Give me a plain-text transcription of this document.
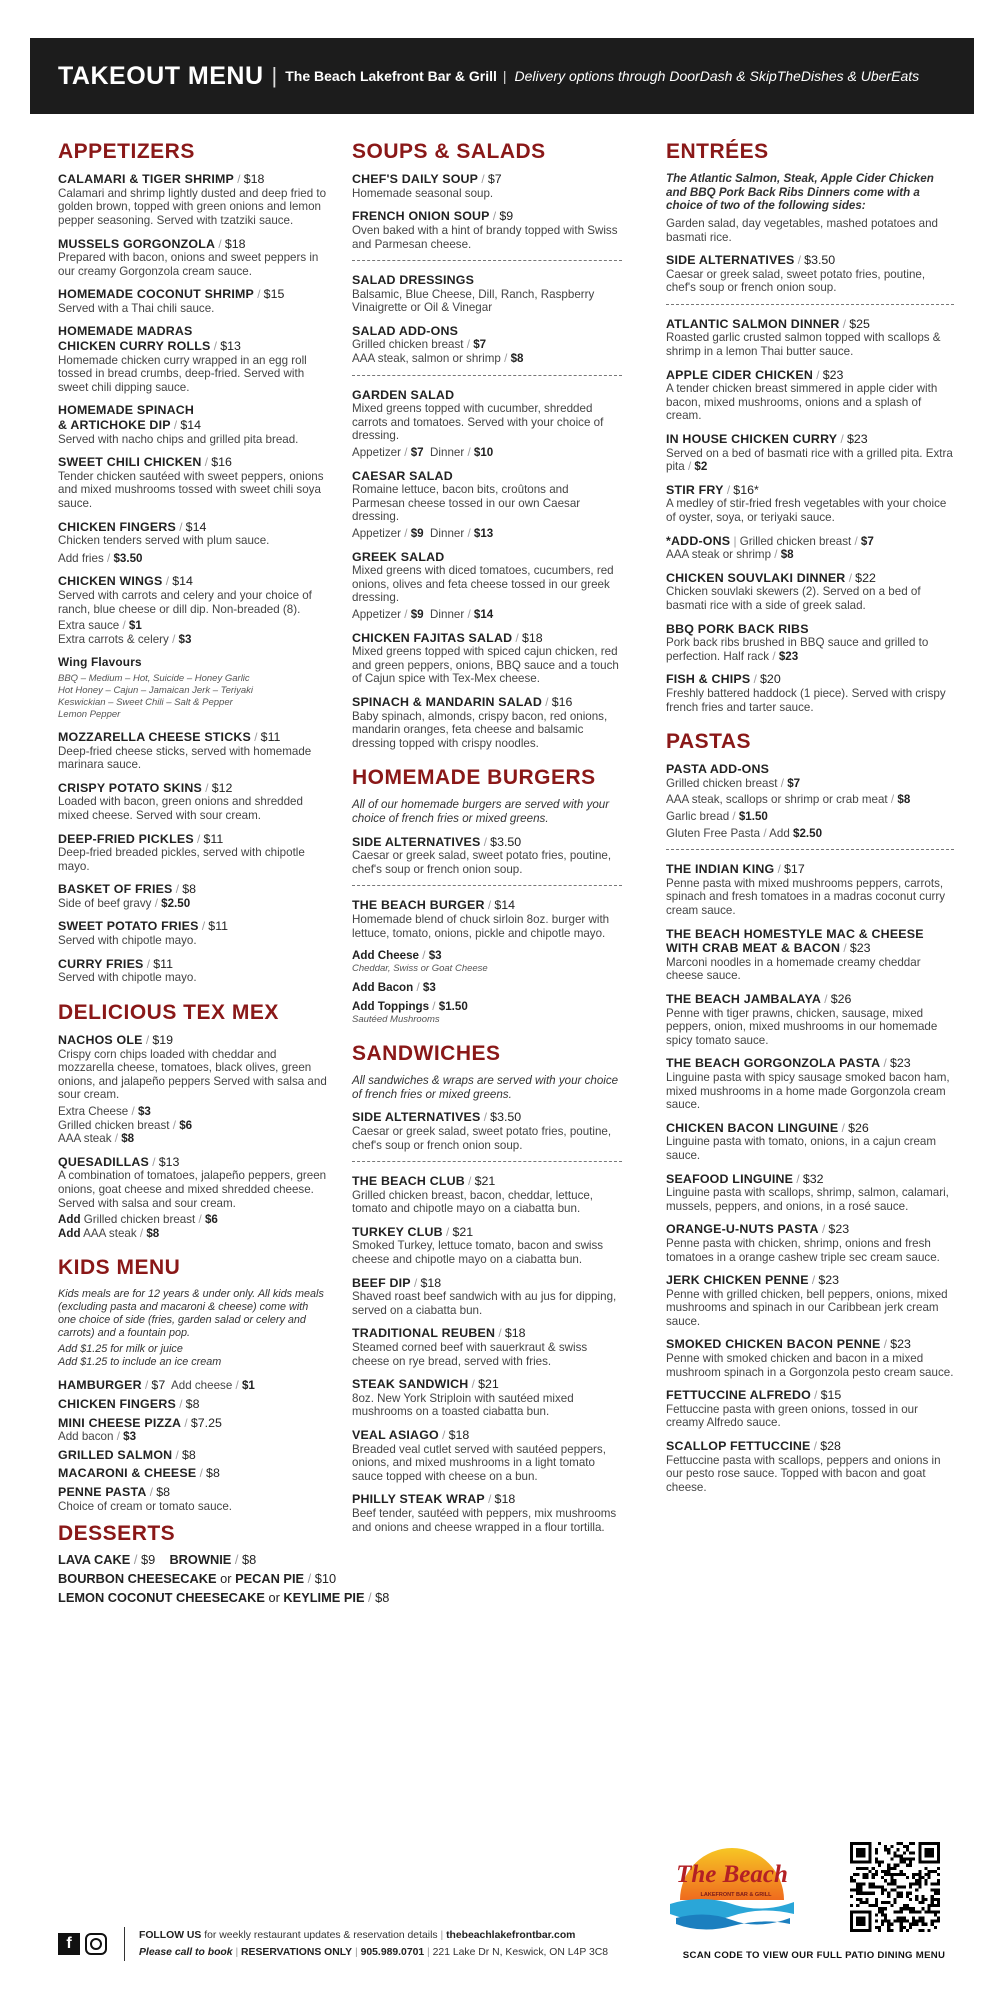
TAKEOUT MENU | The Beach Lakefront Bar & Grill | Delivery options through DoorDash & SkipTheDishes & UberEats
APPETIZERS
CALAMARI & TIGER SHRIMP / $18
Calamari and shrimp lightly dusted and deep fried to golden brown, topped with green onions and lemon pepper seasoning. Served with tzatziki sauce.
MUSSELS GORGONZOLA / $18
Prepared with bacon, onions and sweet peppers in our creamy Gorgonzola cream sauce.
HOMEMADE COCONUT SHRIMP / $15
Served with a Thai chili sauce.
HOMEMADE MADRAS
CHICKEN CURRY ROLLS / $13
Homemade chicken curry wrapped in an egg roll tossed in bread crumbs, deep-fried. Served with sweet chili dipping sauce.
HOMEMADE SPINACH
& ARTICHOKE DIP / $14
Served with nacho chips and grilled pita bread.
SWEET CHILI CHICKEN / $16
Tender chicken sautéed with sweet peppers, onions and mixed mushrooms tossed with sweet chili soya sauce.
CHICKEN FINGERS / $14
Chicken tenders served with plum sauce.
Add fries / $3.50
CHICKEN WINGS / $14
Served with carrots and celery and your choice of ranch, blue cheese or dill dip. Non-breaded (8).
Extra sauce / $1
Extra carrots & celery / $3
Wing Flavours
BBQ – Medium – Hot, Suicide – Honey Garlic
Hot Honey – Cajun – Jamaican Jerk – Teriyaki
Keswickian – Sweet Chili – Salt & Pepper
Lemon Pepper
MOZZARELLA CHEESE STICKS / $11
Deep-fried cheese sticks, served with homemade marinara sauce.
CRISPY POTATO SKINS / $12
Loaded with bacon, green onions and shredded mixed cheese. Served with sour cream.
DEEP-FRIED PICKLES / $11
Deep-fried breaded pickles, served with chipotle mayo.
BASKET OF FRIES / $8
Side of beef gravy / $2.50
SWEET POTATO FRIES / $11
Served with chipotle mayo.
CURRY FRIES / $11
Served with chipotle mayo.
DELICIOUS TEX MEX
NACHOS OLE / $19
Crispy corn chips loaded with cheddar and mozzarella cheese, tomatoes, black olives, green onions, and jalapeño peppers Served with salsa and sour cream.
Extra Cheese / $3
Grilled chicken breast / $6
AAA steak / $8
QUESADILLAS / $13
A combination of tomatoes, jalapeño peppers, green onions, goat cheese and mixed shredded cheese. Served with salsa and sour cream.
Add Grilled chicken breast / $6
Add AAA steak / $8
KIDS MENU
Kids meals are for 12 years & under only. All kids meals (excluding pasta and macaroni & cheese) come with one choice of side (fries, garden salad or celery and carrots) and a fountain pop.
Add $1.25 for milk or juice
Add $1.25 to include an ice cream
HAMBURGER / $7 Add cheese / $1
CHICKEN FINGERS / $8
MINI CHEESE PIZZA / $7.25
Add bacon / $3
GRILLED SALMON / $8
MACARONI & CHEESE / $8
PENNE PASTA / $8
Choice of cream or tomato sauce.
DESSERTS
LAVA CAKE / $9 BROWNIE / $8
BOURBON CHEESECAKE or PECAN PIE / $10
LEMON COCONUT CHEESECAKE or KEYLIME PIE / $8
SOUPS & SALADS
CHEF'S DAILY SOUP / $7
Homemade seasonal soup.
FRENCH ONION SOUP / $9
Oven baked with a hint of brandy topped with Swiss and Parmesan cheese.
SALAD DRESSINGS
Balsamic, Blue Cheese, Dill, Ranch, Raspberry Vinaigrette or Oil & Vinegar
SALAD ADD-ONS
Grilled chicken breast / $7
AAA steak, salmon or shrimp / $8
GARDEN SALAD
Mixed greens topped with cucumber, shredded carrots and tomatoes. Served with your choice of dressing.
Appetizer / $7 Dinner / $10
CAESAR SALAD
Romaine lettuce, bacon bits, croûtons and Parmesan cheese tossed in our own Caesar dressing.
Appetizer / $9 Dinner / $13
GREEK SALAD
Mixed greens with diced tomatoes, cucumbers, red onions, olives and feta cheese tossed in our greek dressing.
Appetizer / $9 Dinner / $14
CHICKEN FAJITAS SALAD / $18
Mixed greens topped with spiced cajun chicken, red and green peppers, onions, BBQ sauce and a touch of Cajun spice with Tex-Mex cheese.
SPINACH & MANDARIN SALAD / $16
Baby spinach, almonds, crispy bacon, red onions, mandarin oranges, feta cheese and balsamic dressing topped with crispy noodles.
HOMEMADE BURGERS
All of our homemade burgers are served with your choice of french fries or mixed greens.
SIDE ALTERNATIVES / $3.50
Caesar or greek salad, sweet potato fries, poutine, chef's soup or french onion soup.
THE BEACH BURGER / $14
Homemade blend of chuck sirloin 8oz. burger with lettuce, tomato, onions, pickle and chipotle mayo.
Add Cheese / $3
Cheddar, Swiss or Goat Cheese
Add Bacon / $3
Add Toppings / $1.50
Sautéed Mushrooms
SANDWICHES
All sandwiches & wraps are served with your choice of french fries or mixed greens.
SIDE ALTERNATIVES / $3.50
Caesar or greek salad, sweet potato fries, poutine, chef's soup or french onion soup.
THE BEACH CLUB / $21
Grilled chicken breast, bacon, cheddar, lettuce, tomato and chipotle mayo on a ciabatta bun.
TURKEY CLUB / $21
Smoked Turkey, lettuce tomato, bacon and swiss cheese and chipotle mayo on a ciabatta bun.
BEEF DIP / $18
Shaved roast beef sandwich with au jus for dipping, served on a ciabatta bun.
TRADITIONAL REUBEN / $18
Steamed corned beef with sauerkraut & swiss cheese on rye bread, served with fries.
STEAK SANDWICH / $21
8oz. New York Striploin with sautéed mixed mushrooms on a toasted ciabatta bun.
VEAL ASIAGO / $18
Breaded veal cutlet served with sautéed peppers, onions, and mixed mushrooms in a light tomato sauce topped with cheese on a bun.
PHILLY STEAK WRAP / $18
Beef tender, sautéed with peppers, mix mushrooms and onions and cheese wrapped in a flour tortilla.
ENTRÉES
The Atlantic Salmon, Steak, Apple Cider Chicken and BBQ Pork Back Ribs Dinners come with a choice of two of the following sides:
Garden salad, day vegetables, mashed potatoes and basmati rice.
SIDE ALTERNATIVES / $3.50
Caesar or greek salad, sweet potato fries, poutine, chef's soup or french onion soup.
ATLANTIC SALMON DINNER / $25
Roasted garlic crusted salmon topped with scallops & shrimp in a lemon Thai butter sauce.
APPLE CIDER CHICKEN / $23
A tender chicken breast simmered in apple cider with bacon, mixed mushrooms, onions and a splash of cream.
IN HOUSE CHICKEN CURRY / $23
Served on a bed of basmati rice with a grilled pita. Extra pita / $2
STIR FRY / $16*
A medley of stir-fried fresh vegetables with your choice of oyster, soya, or teriyaki sauce.
*ADD-ONS | Grilled chicken breast / $7
AAA steak or shrimp / $8
CHICKEN SOUVLAKI DINNER / $22
Chicken souvlaki skewers (2). Served on a bed of basmati rice with a side of greek salad.
BBQ PORK BACK RIBS
Pork back ribs brushed in BBQ sauce and grilled to perfection. Half rack / $23
FISH & CHIPS / $20
Freshly battered haddock (1 piece). Served with crispy french fries and tarter sauce.
PASTAS
PASTA ADD-ONS
Grilled chicken breast / $7
AAA steak, scallops or shrimp or crab meat / $8
Garlic bread / $1.50
Gluten Free Pasta / Add $2.50
THE INDIAN KING / $17
Penne pasta with mixed mushrooms peppers, carrots, spinach and fresh tomatoes in a madras coconut curry cream sauce.
THE BEACH HOMESTYLE MAC & CHEESE WITH CRAB MEAT & BACON / $23
Marconi noodles in a homemade creamy cheddar cheese sauce.
THE BEACH JAMBALAYA / $26
Penne with tiger prawns, chicken, sausage, mixed peppers, onion, mixed mushrooms in our homemade spicy tomato sauce.
THE BEACH GORGONZOLA PASTA / $23
Linguine pasta with spicy sausage smoked bacon ham, mixed mushrooms in a home made Gorgonzola cream sauce.
CHICKEN BACON LINGUINE / $26
Linguine pasta with tomato, onions, in a cajun cream sauce.
SEAFOOD LINGUINE / $32
Linguine pasta with scallops, shrimp, salmon, calamari, mussels, peppers, and onions, in a rosé sauce.
ORANGE-U-NUTS PASTA / $23
Penne pasta with chicken, shrimp, onions and fresh tomatoes in a orange cashew triple sec cream sauce.
JERK CHICKEN PENNE / $23
Penne with grilled chicken, bell peppers, onions, mixed mushrooms and spinach in our Caribbean jerk cream sauce.
SMOKED CHICKEN BACON PENNE / $23
Penne with smoked chicken and bacon in a mixed mushroom spinach in a Gorgonzola pesto cream sauce.
FETTUCCINE ALFREDO / $15
Fettuccine pasta with green onions, tossed in our creamy Alfredo sauce.
SCALLOP FETTUCCINE / $28
Fettuccine pasta with scallops, peppers and onions in our pesto rose sauce. Topped with bacon and goat cheese.
The Beach
LAKEFRONT BAR & GRILL
SCAN CODE TO VIEW OUR FULL PATIO DINING MENU
f	FOLLOW US for weekly restaurant updates & reservation details | thebeachlakefrontbar.com
Please call to book | RESERVATIONS ONLY | 905.989.0701 | 221 Lake Dr N, Keswick, ON L4P 3C8
